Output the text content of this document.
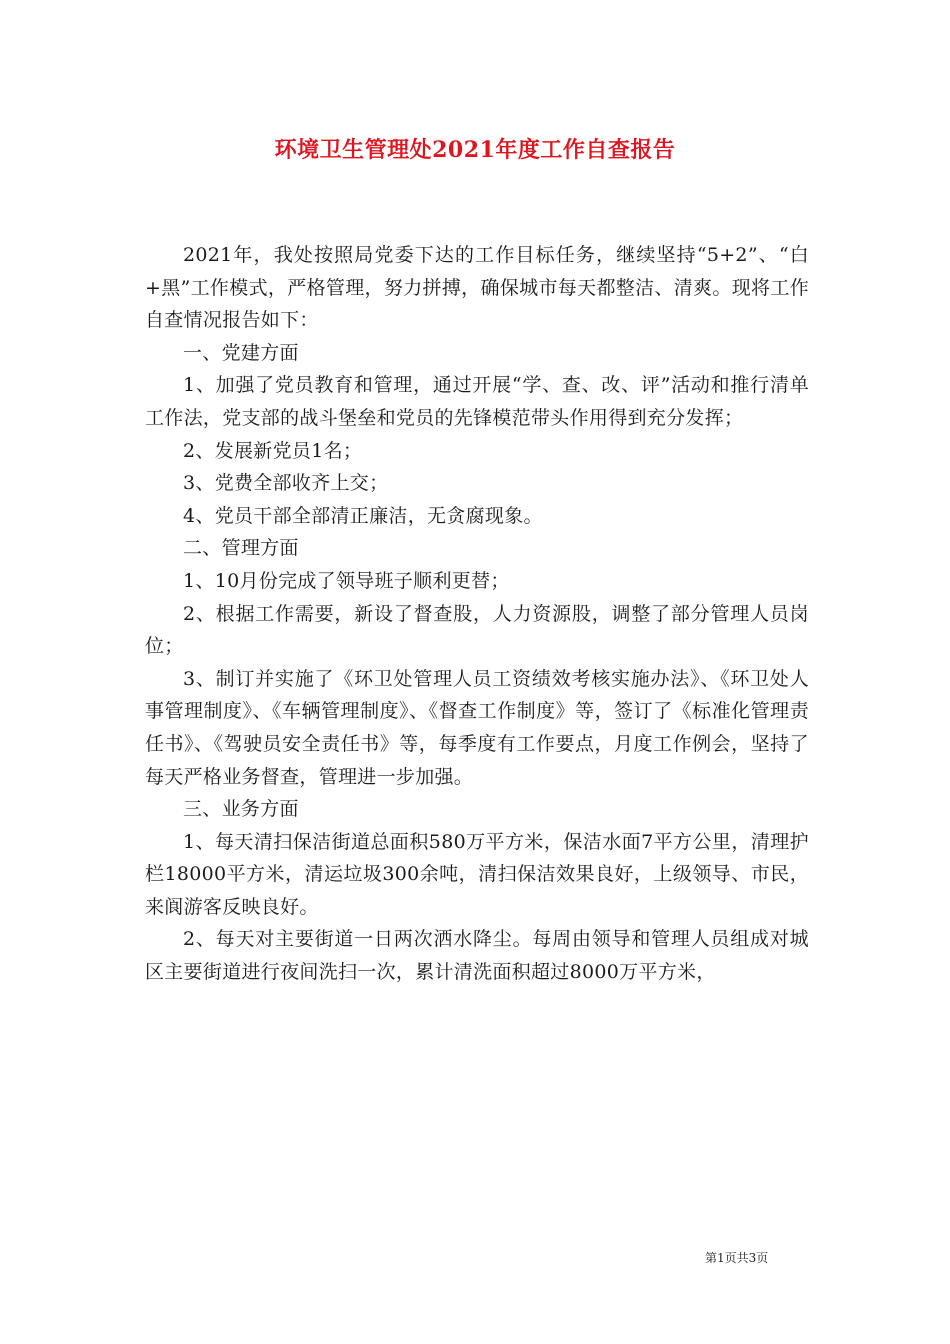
环境卫生管理处2021年度工作自查报告

2021年，我处按照局党委下达的工作目标任务，继续坚持“5+2”、“白+黑”工作模式，严格管理，努力拼搏，确保城市每天都整洁、清爽。现将工作自查情况报告如下：

一、党建方面

1、加强了党员教育和管理，通过开展“学、查、改、评”活动和推行清单工作法，党支部的战斗堡垒和党员的先锋模范带头作用得到充分发挥；

2、发展新党员1名；

3、党费全部收齐上交；

4、党员干部全部清正廉洁，无贪腐现象。

二、管理方面

1、10月份完成了领导班子顺利更替；

2、根据工作需要，新设了督查股，人力资源股，调整了部分管理人员岗位；

3、制订并实施了《环卫处管理人员工资绩效考核实施办法》、《环卫处人事管理制度》、《车辆管理制度》、《督查工作制度》等，签订了《标准化管理责任书》、《驾驶员安全责任书》等，每季度有工作要点，月度工作例会，坚持了每天严格业务督查，管理进一步加强。

三、业务方面

1、每天清扫保洁街道总面积580万平方米，保洁水面7平方公里，清理护栏18000平方米，清运垃圾300余吨，清扫保洁效果良好，上级领导、市民，来阆游客反映良好。

2、每天对主要街道一日两次洒水降尘。每周由领导和管理人员组成对城区主要街道进行夜间洗扫一次，累计清洗面积超过8000万平方米，

第1页共3页
